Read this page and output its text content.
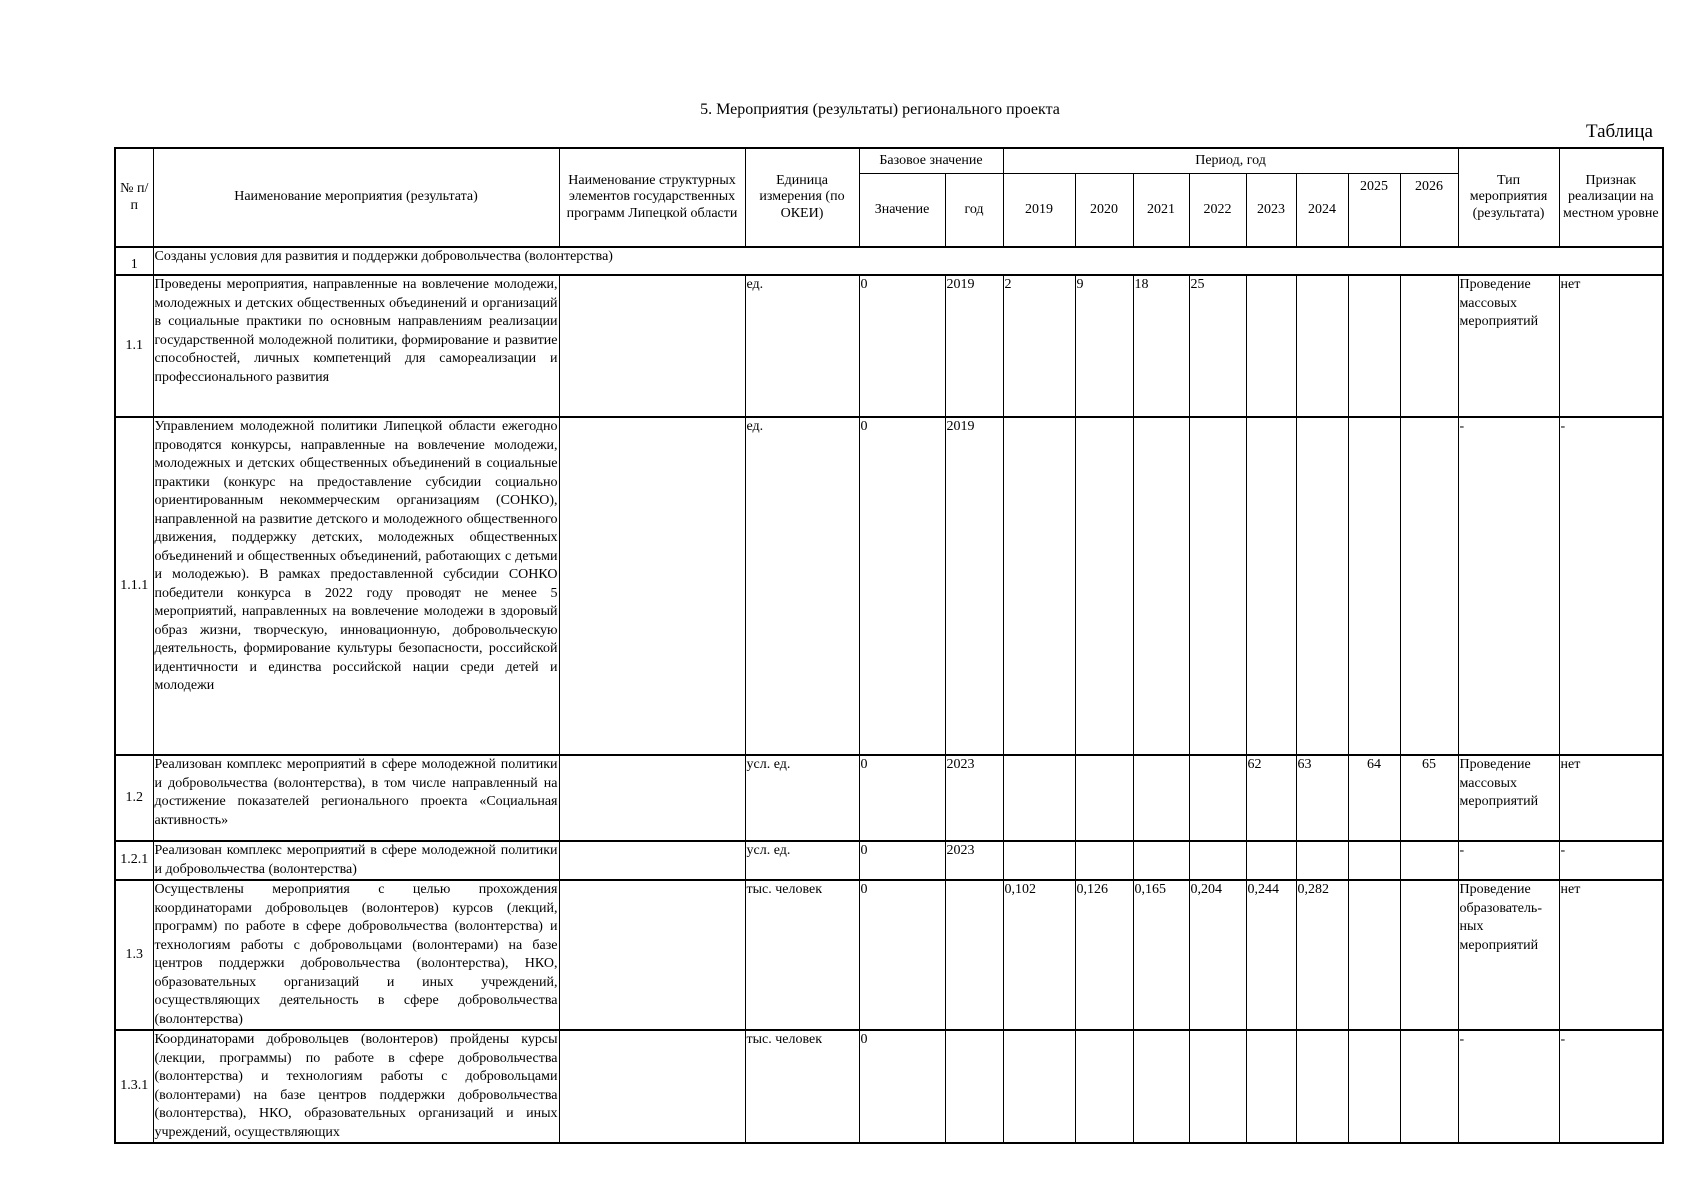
5. Мероприятия (результаты) регионального проекта
Таблица
№ п/п	Наименование мероприятия (результата)	Наименование структурных элементов государственных программ Липецкой области	Единица измерения (по ОКЕИ)	Базовое значение		Период, год								Тип мероприятия (результата)	Признак реализации на местном уровне
				Значение	год	2019	2020	2021	2022	2023	2024	2025	2026		
1	Созданы условия для развития и поддержки добровольчества (волонтерства)														
1.1	Проведены мероприятия, направленные на вовлечение молодежи, молодежных и детских общественных объединений и организаций в социальные практики по основным направлениям реализации государственной молодежной политики, формирование и развитие способностей, личных компетенций для самореализации и профессионального развития		ед.	0	2019	2	9	18	25					Проведение массовых мероприятий	нет
1.1.1	Управлением молодежной политики Липецкой области ежегодно проводятся конкурсы, направленные на вовлечение молодежи, молодежных и детских общественных объединений в социальные практики (конкурс на предоставление субсидии социально ориентированным некоммерческим организациям (СОНКО), направленной на развитие детского и молодежного общественного движения, поддержку детских, молодежных общественных объединений и общественных объединений, работающих с детьми и молодежью). В рамках предоставленной субсидии СОНКО победители конкурса в 2022 году проводят не менее 5 мероприятий, направленных на вовлечение молодежи в здоровый образ жизни, творческую, инновационную, добровольческую деятельность, формирование культуры безопасности, российской идентичности и единства российской нации среди детей и молодежи		ед.	0	2019									-	-
1.2	Реализован комплекс мероприятий в сфере молодежной политики и добровольчества (волонтерства), в том числе направленный на достижение показателей регионального проекта «Социальная активность»		усл. ед.	0	2023					62	63	64	65	Проведение массовых мероприятий	нет
1.2.1	Реализован комплекс мероприятий в сфере молодежной политики и добровольчества (волонтерства)		усл. ед.	0	2023									-	-
1.3	Осуществлены мероприятия с целью прохождения координаторами добровольцев (волонтеров) курсов (лекций, программ) по работе в сфере добровольчества (волонтерства) и технологиям работы с добровольцами (волонтерами) на базе центров поддержки добровольчества (волонтерства), НКО, образовательных организаций и иных учреждений, осуществляющих деятельность в сфере добровольчества (волонтерства)		тыс. человек	0		0,102	0,126	0,165	0,204	0,244	0,282			Проведение образователь-ных мероприятий	нет
1.3.1	Координаторами добровольцев (волонтеров) пройдены курсы (лекции, программы) по работе в сфере добровольчества (волонтерства) и технологиям работы с добровольцами (волонтерами) на базе центров поддержки добровольчества (волонтерства), НКО, образовательных организаций и иных учреждений, осуществляющих		тыс. человек	0										-	-
